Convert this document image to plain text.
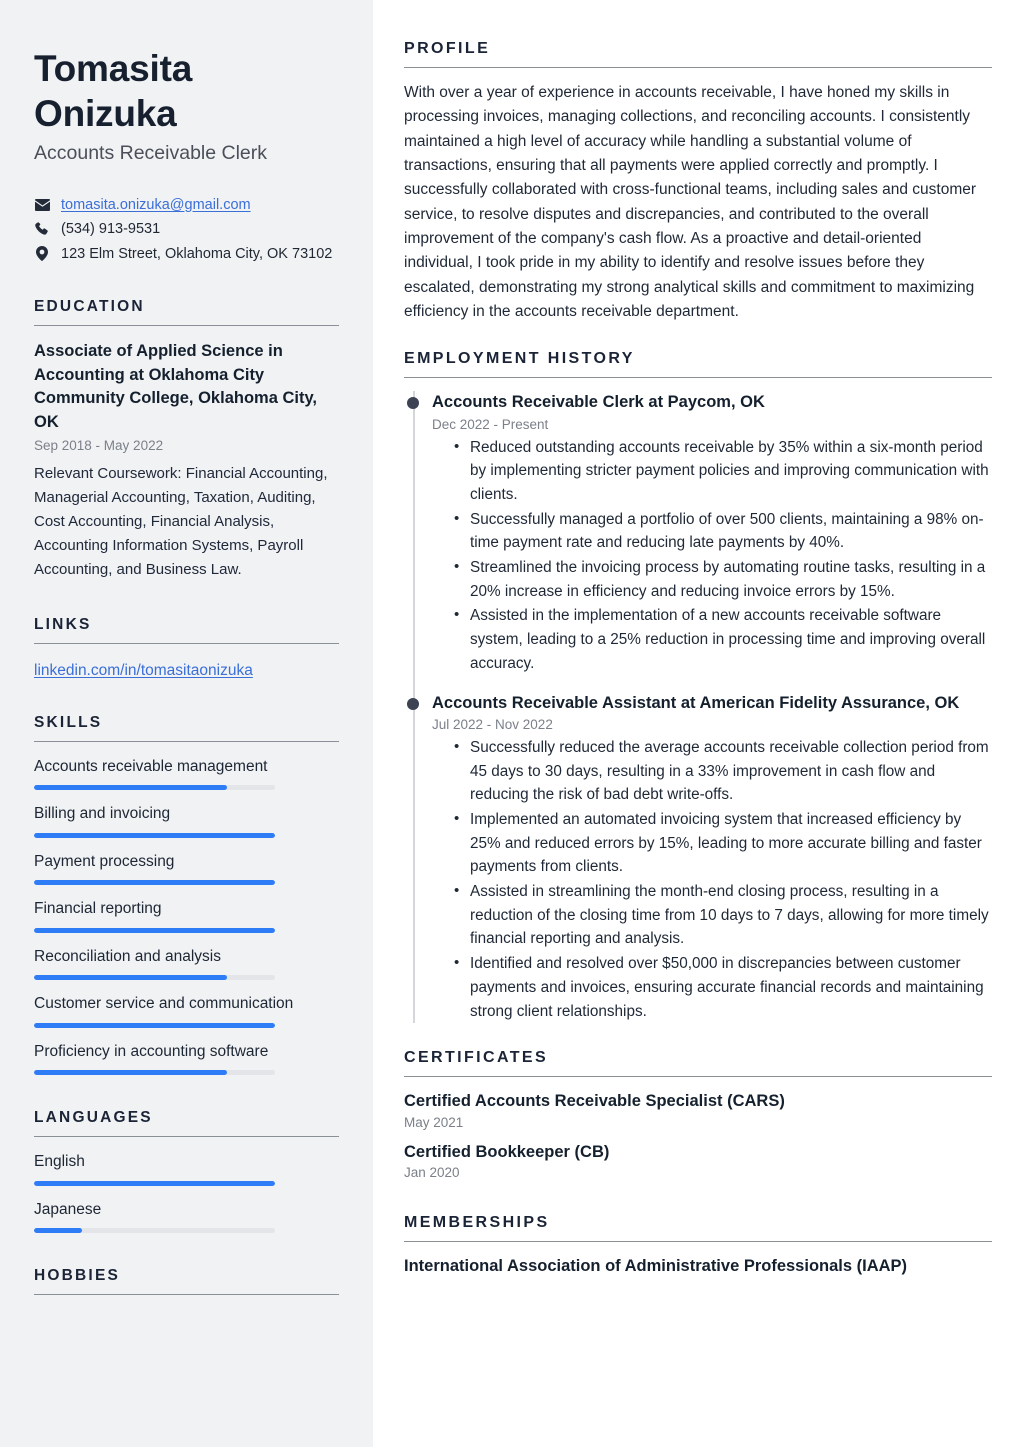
Tomasita
Onizuka
Accounts Receivable Clerk
tomasita.onizuka@gmail.com
(534) 913-9531
123 Elm Street, Oklahoma City, OK 73102
EDUCATION
Associate of Applied Science in Accounting at Oklahoma City Community College, Oklahoma City, OK
Sep 2018 - May 2022
Relevant Coursework: Financial Accounting, Managerial Accounting, Taxation, Auditing, Cost Accounting, Financial Analysis, Accounting Information Systems, Payroll Accounting, and Business Law.
LINKS
linkedin.com/in/tomasitaonizuka
SKILLS
Accounts receivable management
Billing and invoicing
Payment processing
Financial reporting
Reconciliation and analysis
Customer service and communication
Proficiency in accounting software
LANGUAGES
English
Japanese
HOBBIES
PROFILE

With over a year of experience in accounts receivable, I have honed my skills in processing invoices, managing collections, and reconciling accounts. I consistently maintained a high level of accuracy while handling a substantial volume of transactions, ensuring that all payments were applied correctly and promptly. I successfully collaborated with cross-functional teams, including sales and customer service, to resolve disputes and discrepancies, and contributed to the overall improvement of the company's cash flow. As a proactive and detail-oriented individual, I took pride in my ability to identify and resolve issues before they escalated, demonstrating my strong analytical skills and commitment to maximizing efficiency in the accounts receivable department.

EMPLOYMENT HISTORY
Accounts Receivable Clerk at Paycom, OK
Dec 2022 - Present
• Reduced outstanding accounts receivable by 35% within a six-month period by implementing stricter payment policies and improving communication with clients.
• Successfully managed a portfolio of over 500 clients, maintaining a 98% on-time payment rate and reducing late payments by 40%.
• Streamlined the invoicing process by automating routine tasks, resulting in a 20% increase in efficiency and reducing invoice errors by 15%.
• Assisted in the implementation of a new accounts receivable software system, leading to a 25% reduction in processing time and improving overall accuracy.
Accounts Receivable Assistant at American Fidelity Assurance, OK
Jul 2022 - Nov 2022
• Successfully reduced the average accounts receivable collection period from 45 days to 30 days, resulting in a 33% improvement in cash flow and reducing the risk of bad debt write-offs.
• Implemented an automated invoicing system that increased efficiency by 25% and reduced errors by 15%, leading to more accurate billing and faster payments from clients.
• Assisted in streamlining the month-end closing process, resulting in a reduction of the closing time from 10 days to 7 days, allowing for more timely financial reporting and analysis.
• Identified and resolved over $50,000 in discrepancies between customer payments and invoices, ensuring accurate financial records and maintaining strong client relationships.
CERTIFICATES
Certified Accounts Receivable Specialist (CARS)
May 2021
Certified Bookkeeper (CB)
Jan 2020
MEMBERSHIPS
International Association of Administrative Professionals (IAAP)
